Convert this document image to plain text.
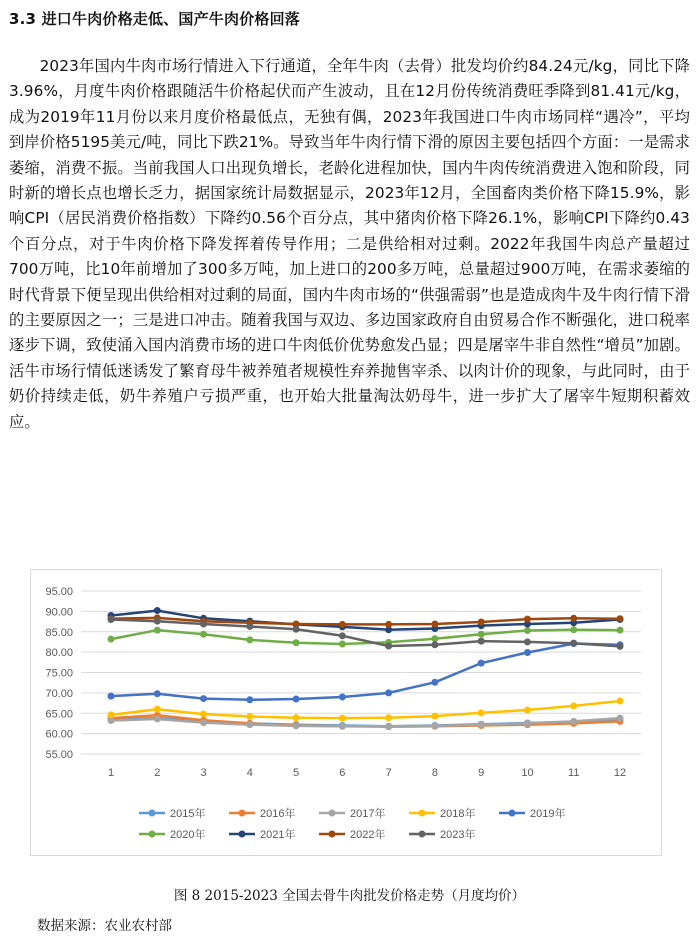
3.3 进口牛肉价格走低、国产牛肉价格回落
2023年国内牛肉市场行情进入下行通道，全年牛肉（去骨）批发均价约84.24元/kg，同比下降3.96%，月度牛肉价格跟随活牛价格起伏而产生波动，且在12月份传统消费旺季降到81.41元/kg，成为2019年11月份以来月度价格最低点，无独有偶，2023年我国进口牛肉市场同样“遇冷”，平均到岸价格5195美元/吨，同比下跌21%。导致当年牛肉行情下滑的原因主要包括四个方面：一是需求萎缩，消费不振。当前我国人口出现负增长，老龄化进程加快，国内牛肉传统消费进入饱和阶段，同时新的增长点也增长乏力，据国家统计局数据显示，2023年12月，全国畜肉类价格下降15.9%，影响CPI（居民消费价格指数）下降约0.56个百分点，其中猪肉价格下降26.1%，影响CPI下降约0.43个百分点，对于牛肉价格下降发挥着传导作用；二是供给相对过剩。2022年我国牛肉总产量超过700万吨，比10年前增加了300多万吨，加上进口的200多万吨，总量超过900万吨，在需求萎缩的时代背景下便呈现出供给相对过剩的局面，国内牛肉市场的“供强需弱”也是造成肉牛及牛肉行情下滑的主要原因之一；三是进口冲击。随着我国与双边、多边国家政府自由贸易合作不断强化，进口税率逐步下调，致使涌入国内消费市场的进口牛肉低价优势愈发凸显；四是屠宰牛非自然性“增员”加剧。活牛市场行情低迷诱发了繁育母牛被养殖者规模性弃养抛售宰杀、以肉计价的现象，与此同时，由于奶价持续走低，奶牛养殖户亏损严重，也开始大批量淘汰奶母牛，进一步扩大了屠宰牛短期积蓄效应。
55.00
60.00
65.00
70.00
75.00
80.00
85.00
90.00
95.00
1	2	3	4	5	6	7	8	9	10	11	12
2015年	2016年	2017年	2018年	2019年
2020年	2021年	2022年	2023年
图 8 2015-2023 全国去骨牛肉批发价格走势（月度均价）
数据来源：农业农村部
